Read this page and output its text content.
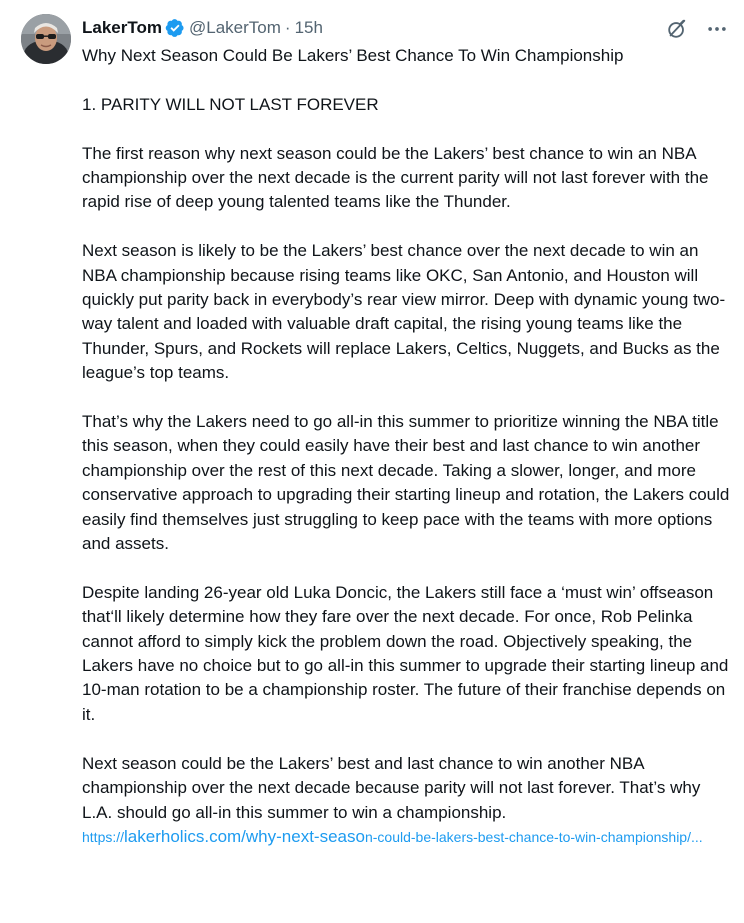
LakerTom @LakerTom · 15h

Why Next Season Could Be Lakers’ Best Chance To Win Championship

1. PARITY WILL NOT LAST FOREVER

The first reason why next season could be the Lakers’ best chance to win an NBA championship over the next decade is the current parity will not last forever with the rapid rise of deep young talented teams like the Thunder.

Next season is likely to be the Lakers’ best chance over the next decade to win an NBA championship because rising teams like OKC, San Antonio, and Houston will quickly put parity back in everybody’s rear view mirror. Deep with dynamic young two-way talent and loaded with valuable draft capital, the rising young teams like the Thunder, Spurs, and Rockets will replace Lakers, Celtics, Nuggets, and Bucks as the league’s top teams.

That’s why the Lakers need to go all-in this summer to prioritize winning the NBA title this season, when they could easily have their best and last chance to win another championship over the rest of this next decade. Taking a slower, longer, and more conservative approach to upgrading their starting lineup and rotation, the Lakers could easily find themselves just struggling to keep pace with the teams with more options and assets.

Despite landing 26-year old Luka Doncic, the Lakers still face a ‘must win’ offseason that‘ll likely determine how they fare over the next decade. For once, Rob Pelinka cannot afford to simply kick the problem down the road. Objectively speaking, the Lakers have no choice but to go all-in this summer to upgrade their starting lineup and 10-man rotation to be a championship roster. The future of their franchise depends on it.

Next season could be the Lakers’ best and last chance to win another NBA championship over the next decade because parity will not last forever. That’s why L.A. should go all-in this summer to win a championship.
https://lakerholics.com/why-next-season-could-be-lakers-best-chance-to-win-championship/...
